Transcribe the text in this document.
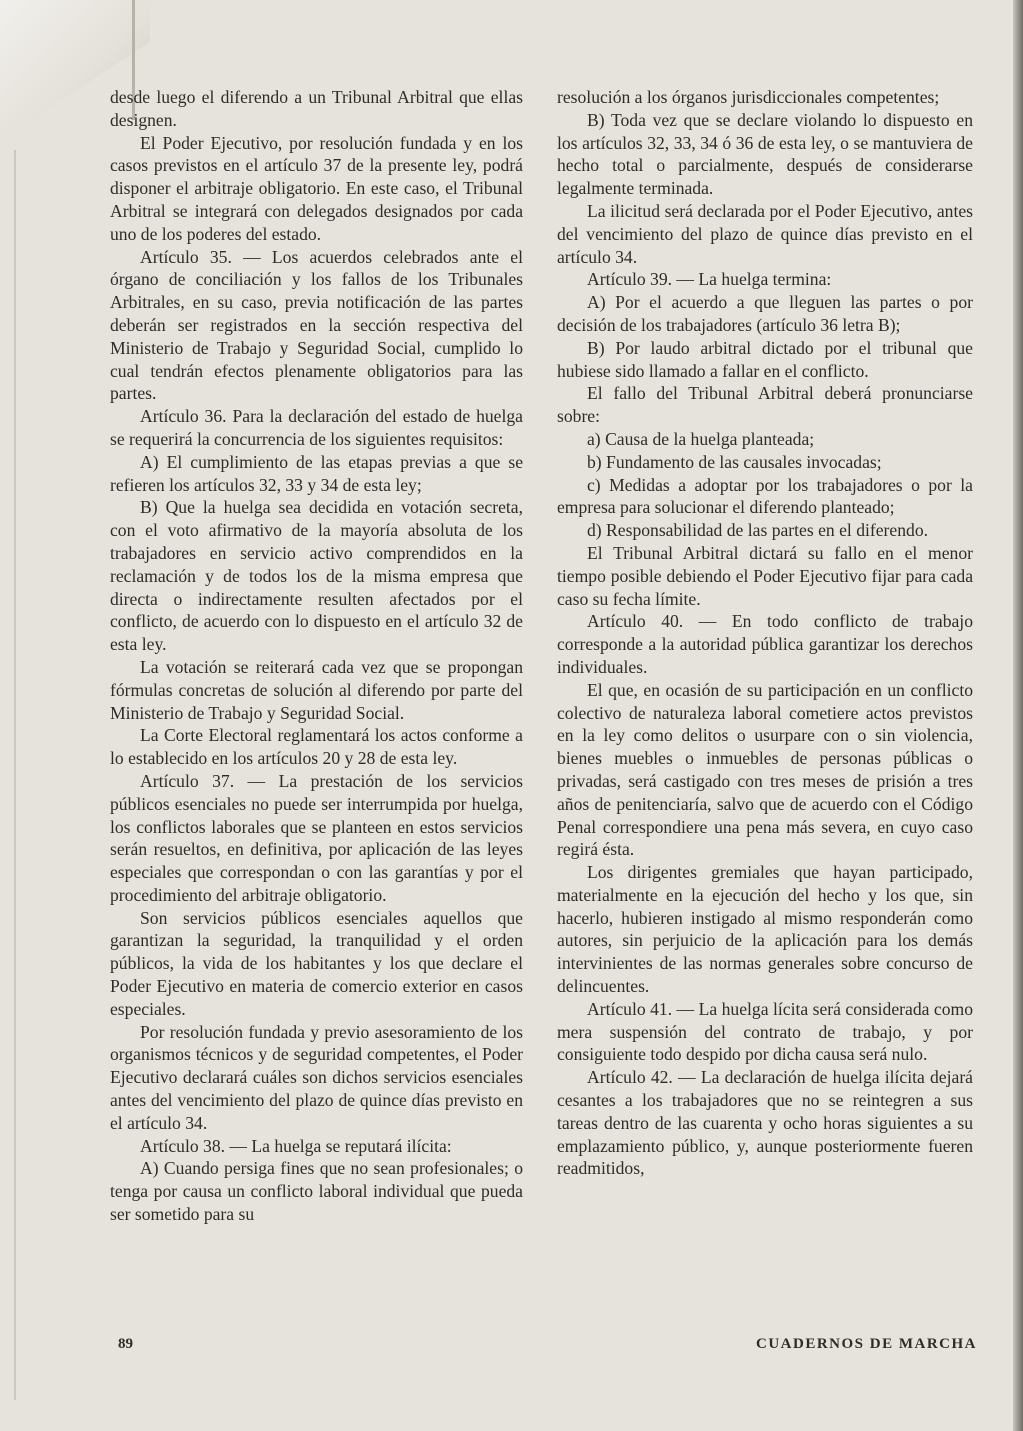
desde luego el diferendo a un Tribunal Arbitral que ellas designen.

El Poder Ejecutivo, por resolución fundada y en los casos previstos en el artículo 37 de la presente ley, podrá disponer el arbitraje obligatorio. En este caso, el Tribunal Arbitral se integrará con delegados designados por cada uno de los poderes del estado.

Artículo 35. — Los acuerdos celebrados ante el órgano de conciliación y los fallos de los Tribunales Arbitrales, en su caso, previa notificación de las partes deberán ser registrados en la sección respectiva del Ministerio de Trabajo y Seguridad Social, cumplido lo cual tendrán efectos plenamente obligatorios para las partes.

Artículo 36. Para la declaración del estado de huelga se requerirá la concurrencia de los siguientes requisitos:

A) El cumplimiento de las etapas previas a que se refieren los artículos 32, 33 y 34 de esta ley;

B) Que la huelga sea decidida en votación secreta, con el voto afirmativo de la mayoría absoluta de los trabajadores en servicio activo comprendidos en la reclamación y de todos los de la misma empresa que directa o indirectamente resulten afectados por el conflicto, de acuerdo con lo dispuesto en el artículo 32 de esta ley.

La votación se reiterará cada vez que se propongan fórmulas concretas de solución al diferendo por parte del Ministerio de Trabajo y Seguridad Social.

La Corte Electoral reglamentará los actos conforme a lo establecido en los artículos 20 y 28 de esta ley.

Artículo 37. — La prestación de los servicios públicos esenciales no puede ser interrumpida por huelga, los conflictos laborales que se planteen en estos servicios serán resueltos, en definitiva, por aplicación de las leyes especiales que correspondan o con las garantías y por el procedimiento del arbitraje obligatorio.

Son servicios públicos esenciales aquellos que garantizan la seguridad, la tranquilidad y el orden públicos, la vida de los habitantes y los que declare el Poder Ejecutivo en materia de comercio exterior en casos especiales.

Por resolución fundada y previo asesoramiento de los organismos técnicos y de seguridad competentes, el Poder Ejecutivo declarará cuáles son dichos servicios esenciales antes del vencimiento del plazo de quince días previsto en el artículo 34.

Artículo 38. — La huelga se reputará ilícita:

A) Cuando persiga fines que no sean profesionales; o tenga por causa un conflicto laboral individual que pueda ser sometido para su

resolución a los órganos jurisdiccionales competentes;

B) Toda vez que se declare violando lo dispuesto en los artículos 32, 33, 34 ó 36 de esta ley, o se mantuviera de hecho total o parcialmente, después de considerarse legalmente terminada.

La ilicitud será declarada por el Poder Ejecutivo, antes del vencimiento del plazo de quince días previsto en el artículo 34.

Artículo 39. — La huelga termina:

A) Por el acuerdo a que lleguen las partes o por decisión de los trabajadores (artículo 36 letra B);

B) Por laudo arbitral dictado por el tribunal que hubiese sido llamado a fallar en el conflicto.

El fallo del Tribunal Arbitral deberá pronunciarse sobre:

a) Causa de la huelga planteada;

b) Fundamento de las causales invocadas;

c) Medidas a adoptar por los trabajadores o por la empresa para solucionar el diferendo planteado;

d) Responsabilidad de las partes en el diferendo.

El Tribunal Arbitral dictará su fallo en el menor tiempo posible debiendo el Poder Ejecutivo fijar para cada caso su fecha límite.

Artículo 40. — En todo conflicto de trabajo corresponde a la autoridad pública garantizar los derechos individuales.

El que, en ocasión de su participación en un conflicto colectivo de naturaleza laboral cometiere actos previstos en la ley como delitos o usurpare con o sin violencia, bienes muebles o inmuebles de personas públicas o privadas, será castigado con tres meses de prisión a tres años de penitenciaría, salvo que de acuerdo con el Código Penal correspondiere una pena más severa, en cuyo caso regirá ésta.

Los dirigentes gremiales que hayan participado, materialmente en la ejecución del hecho y los que, sin hacerlo, hubieren instigado al mismo responderán como autores, sin perjuicio de la aplicación para los demás intervinientes de las normas generales sobre concurso de delincuentes.

Artículo 41. — La huelga lícita será considerada como mera suspensión del contrato de trabajo, y por consiguiente todo despido por dicha causa será nulo.

Artículo 42. — La declaración de huelga ilícita dejará cesantes a los trabajadores que no se reintegren a sus tareas dentro de las cuarenta y ocho horas siguientes a su emplazamiento público, y, aunque posteriormente fueren readmitidos,

89	CUADERNOS DE MARCHA
